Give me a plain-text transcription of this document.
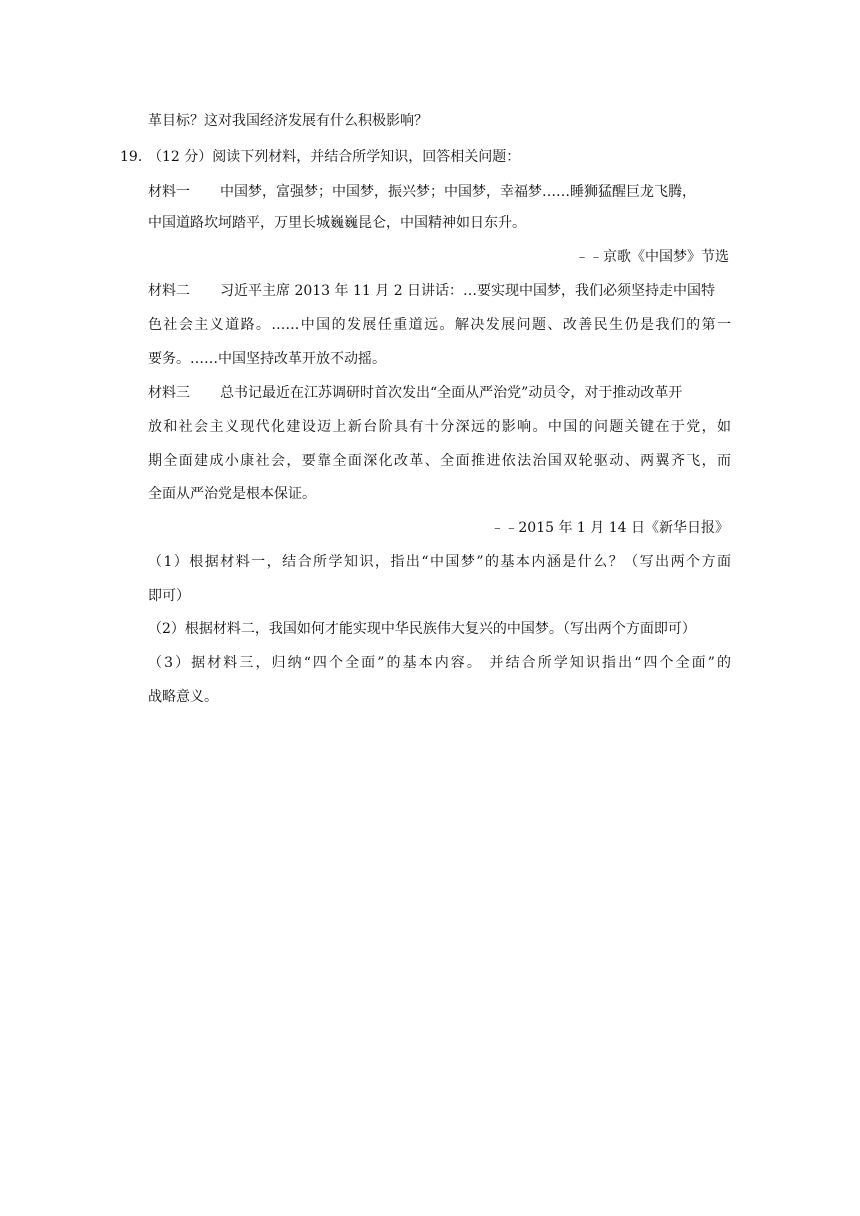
革目标？这对我国经济发展有什么积极影响？
19. （12 分）阅读下列材料，并结合所学知识，回答相关问题：
材料一 中国梦，富强梦；中国梦，振兴梦；中国梦，幸福梦……睡狮猛醒巨龙飞腾，
中国道路坎坷踏平，万里长城巍巍昆仑，中国精神如日东升。
﹣﹣京歌《中国梦》节选
材料二 习近平主席 2013 年 11 月 2 日讲话：…要实现中国梦，我们必须坚持走中国特
色社会主义道路。……中国的发展任重道远。解决发展问题、改善民生仍是我们的第一
要务。……中国坚持改革开放不动摇。
材料三 总书记最近在江苏调研时首次发出“全面从严治党”动员令，对于推动改革开
放和社会主义现代化建设迈上新台阶具有十分深远的影响。中国的问题关键在于党，如
期全面建成小康社会，要靠全面深化改革、全面推进依法治国双轮驱动、两翼齐飞，而
全面从严治党是根本保证。
﹣﹣2015 年 1 月 14 日《新华日报》
（1）根据材料一，结合所学知识，指出“中国梦”的基本内涵是什么？（写出两个方面
即可）
（2）根据材料二，我国如何才能实现中华民族伟大复兴的中国梦。（写出两个方面即可）
（3）据材料三，归纳“四个全面”的基本内容。 并结合所学知识指出“四个全面”的
战略意义。
